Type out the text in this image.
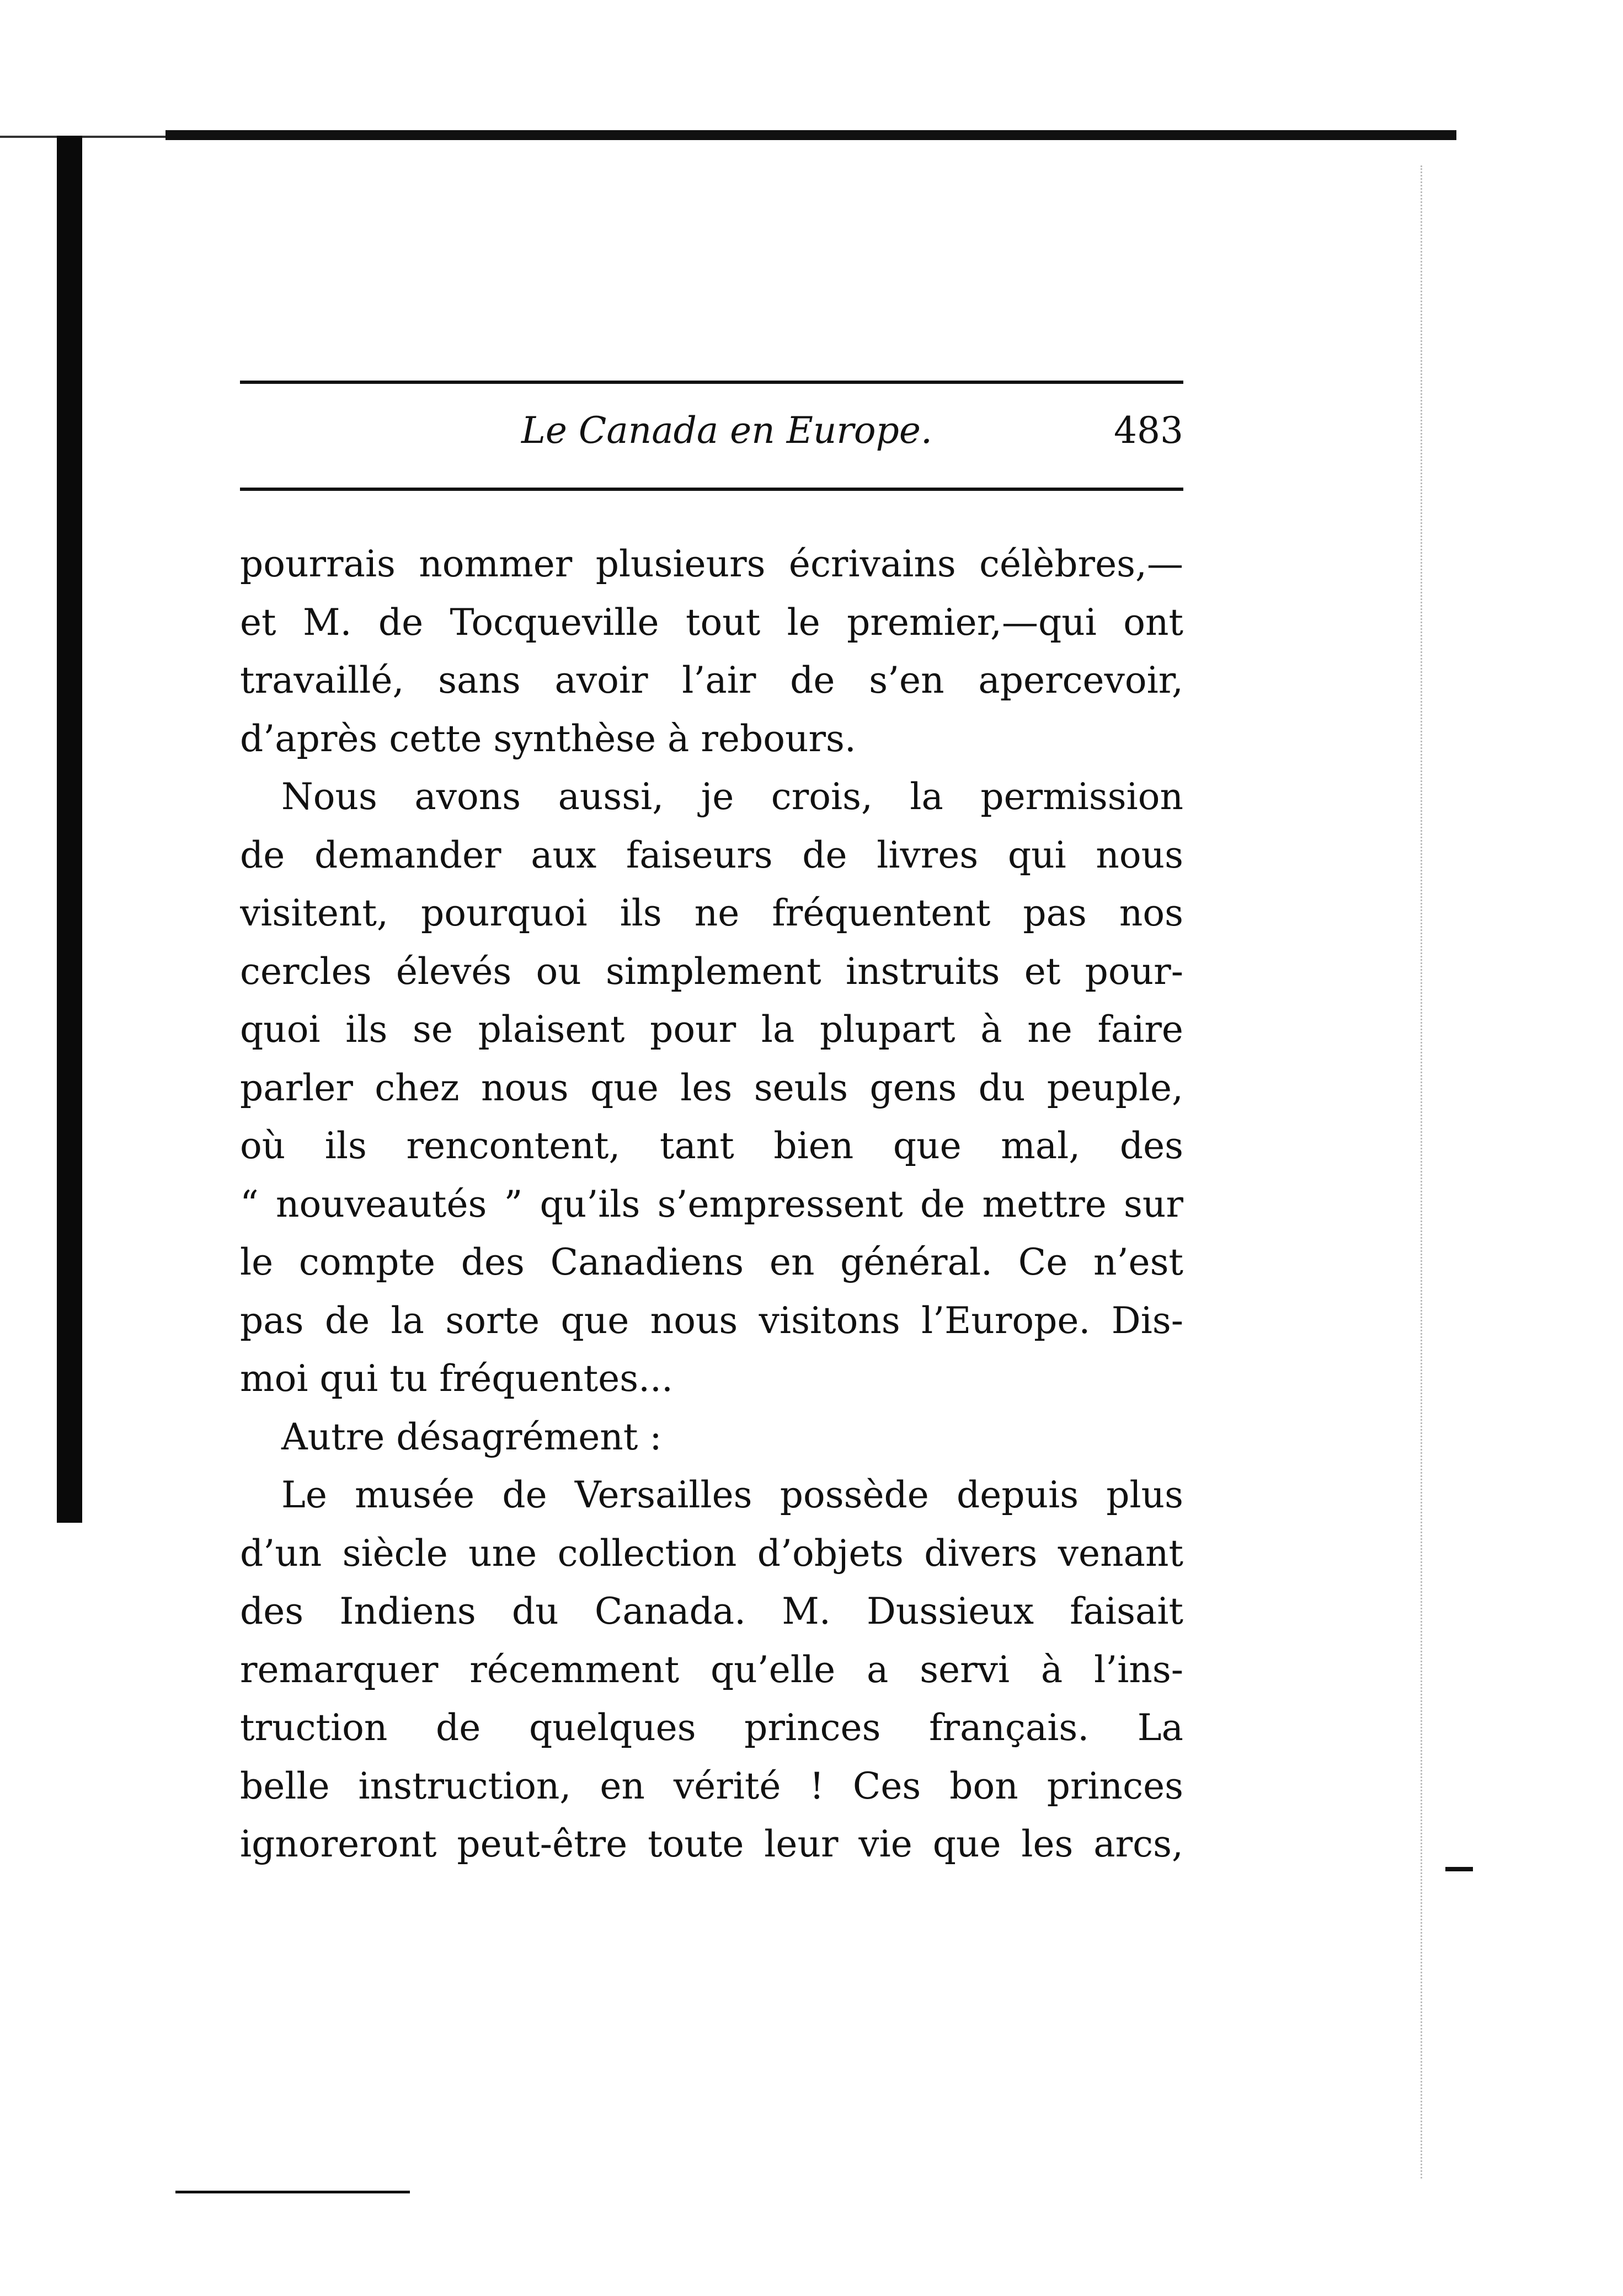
Le Canada en Europe.	483
pourrais nommer plusieurs écrivains célèbres,—
et M. de Tocqueville tout le premier,—qui ont
travaillé, sans avoir l’air de s’en apercevoir,
d’après cette synthèse à rebours.
Nous avons aussi, je crois, la permission
de demander aux faiseurs de livres qui nous
visitent, pourquoi ils ne fréquentent pas nos
cercles élevés ou simplement instruits et pour-
quoi ils se plaisent pour la plupart à ne faire
parler chez nous que les seuls gens du peuple,
où ils rencontent, tant bien que mal, des
“ nouveautés ” qu’ils s’empressent de mettre sur
le compte des Canadiens en général. Ce n’est
pas de la sorte que nous visitons l’Europe. Dis-
moi qui tu fréquentes...
Autre désagrément :
Le musée de Versailles possède depuis plus
d’un siècle une collection d’objets divers venant
des Indiens du Canada. M. Dussieux faisait
remarquer récemment qu’elle a servi à l’ins-
truction de quelques princes français. La
belle instruction, en vérité ! Ces bon princes
ignoreront peut-être toute leur vie que les arcs,
